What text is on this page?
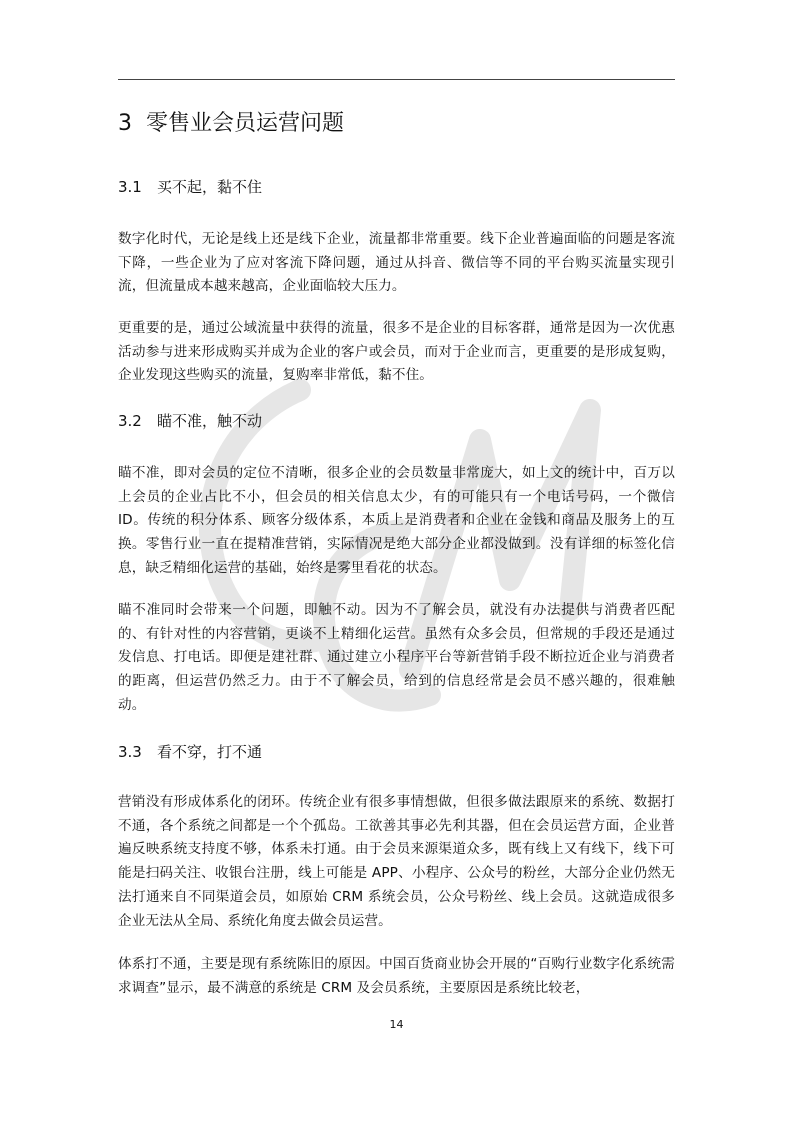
3 零售业会员运营问题
3.1 买不起，黏不住

数字化时代，无论是线上还是线下企业，流量都非常重要。线下企业普遍面临的问题是客流下降，一些企业为了应对客流下降问题，通过从抖音、微信等不同的平台购买流量实现引流，但流量成本越来越高，企业面临较大压力。

更重要的是，通过公域流量中获得的流量，很多不是企业的目标客群，通常是因为一次优惠活动参与进来形成购买并成为企业的客户或会员，而对于企业而言，更重要的是形成复购，企业发现这些购买的流量，复购率非常低，黏不住。

3.2 瞄不准，触不动

瞄不准，即对会员的定位不清晰，很多企业的会员数量非常庞大，如上文的统计中，百万以上会员的企业占比不小，但会员的相关信息太少，有的可能只有一个电话号码，一个微信 ID。传统的积分体系、顾客分级体系，本质上是消费者和企业在金钱和商品及服务上的互换。零售行业一直在提精准营销，实际情况是绝大部分企业都没做到。没有详细的标签化信息，缺乏精细化运营的基础，始终是雾里看花的状态。

瞄不准同时会带来一个问题，即触不动。因为不了解会员，就没有办法提供与消费者匹配的、有针对性的内容营销，更谈不上精细化运营。虽然有众多会员，但常规的手段还是通过发信息、打电话。即便是建社群、通过建立小程序平台等新营销手段不断拉近企业与消费者的距离，但运营仍然乏力。由于不了解会员，给到的信息经常是会员不感兴趣的，很难触动。

3.3 看不穿，打不通

营销没有形成体系化的闭环。传统企业有很多事情想做，但很多做法跟原来的系统、数据打不通，各个系统之间都是一个个孤岛。工欲善其事必先利其器，但在会员运营方面，企业普遍反映系统支持度不够，体系未打通。由于会员来源渠道众多，既有线上又有线下，线下可能是扫码关注、收银台注册，线上可能是 APP、小程序、公众号的粉丝，大部分企业仍然无法打通来自不同渠道会员，如原始 CRM 系统会员，公众号粉丝、线上会员。这就造成很多企业无法从全局、系统化角度去做会员运营。

体系打不通，主要是现有系统陈旧的原因。中国百货商业协会开展的“百购行业数字化系统需求调查”显示，最不满意的系统是 CRM 及会员系统，主要原因是系统比较老，

14
